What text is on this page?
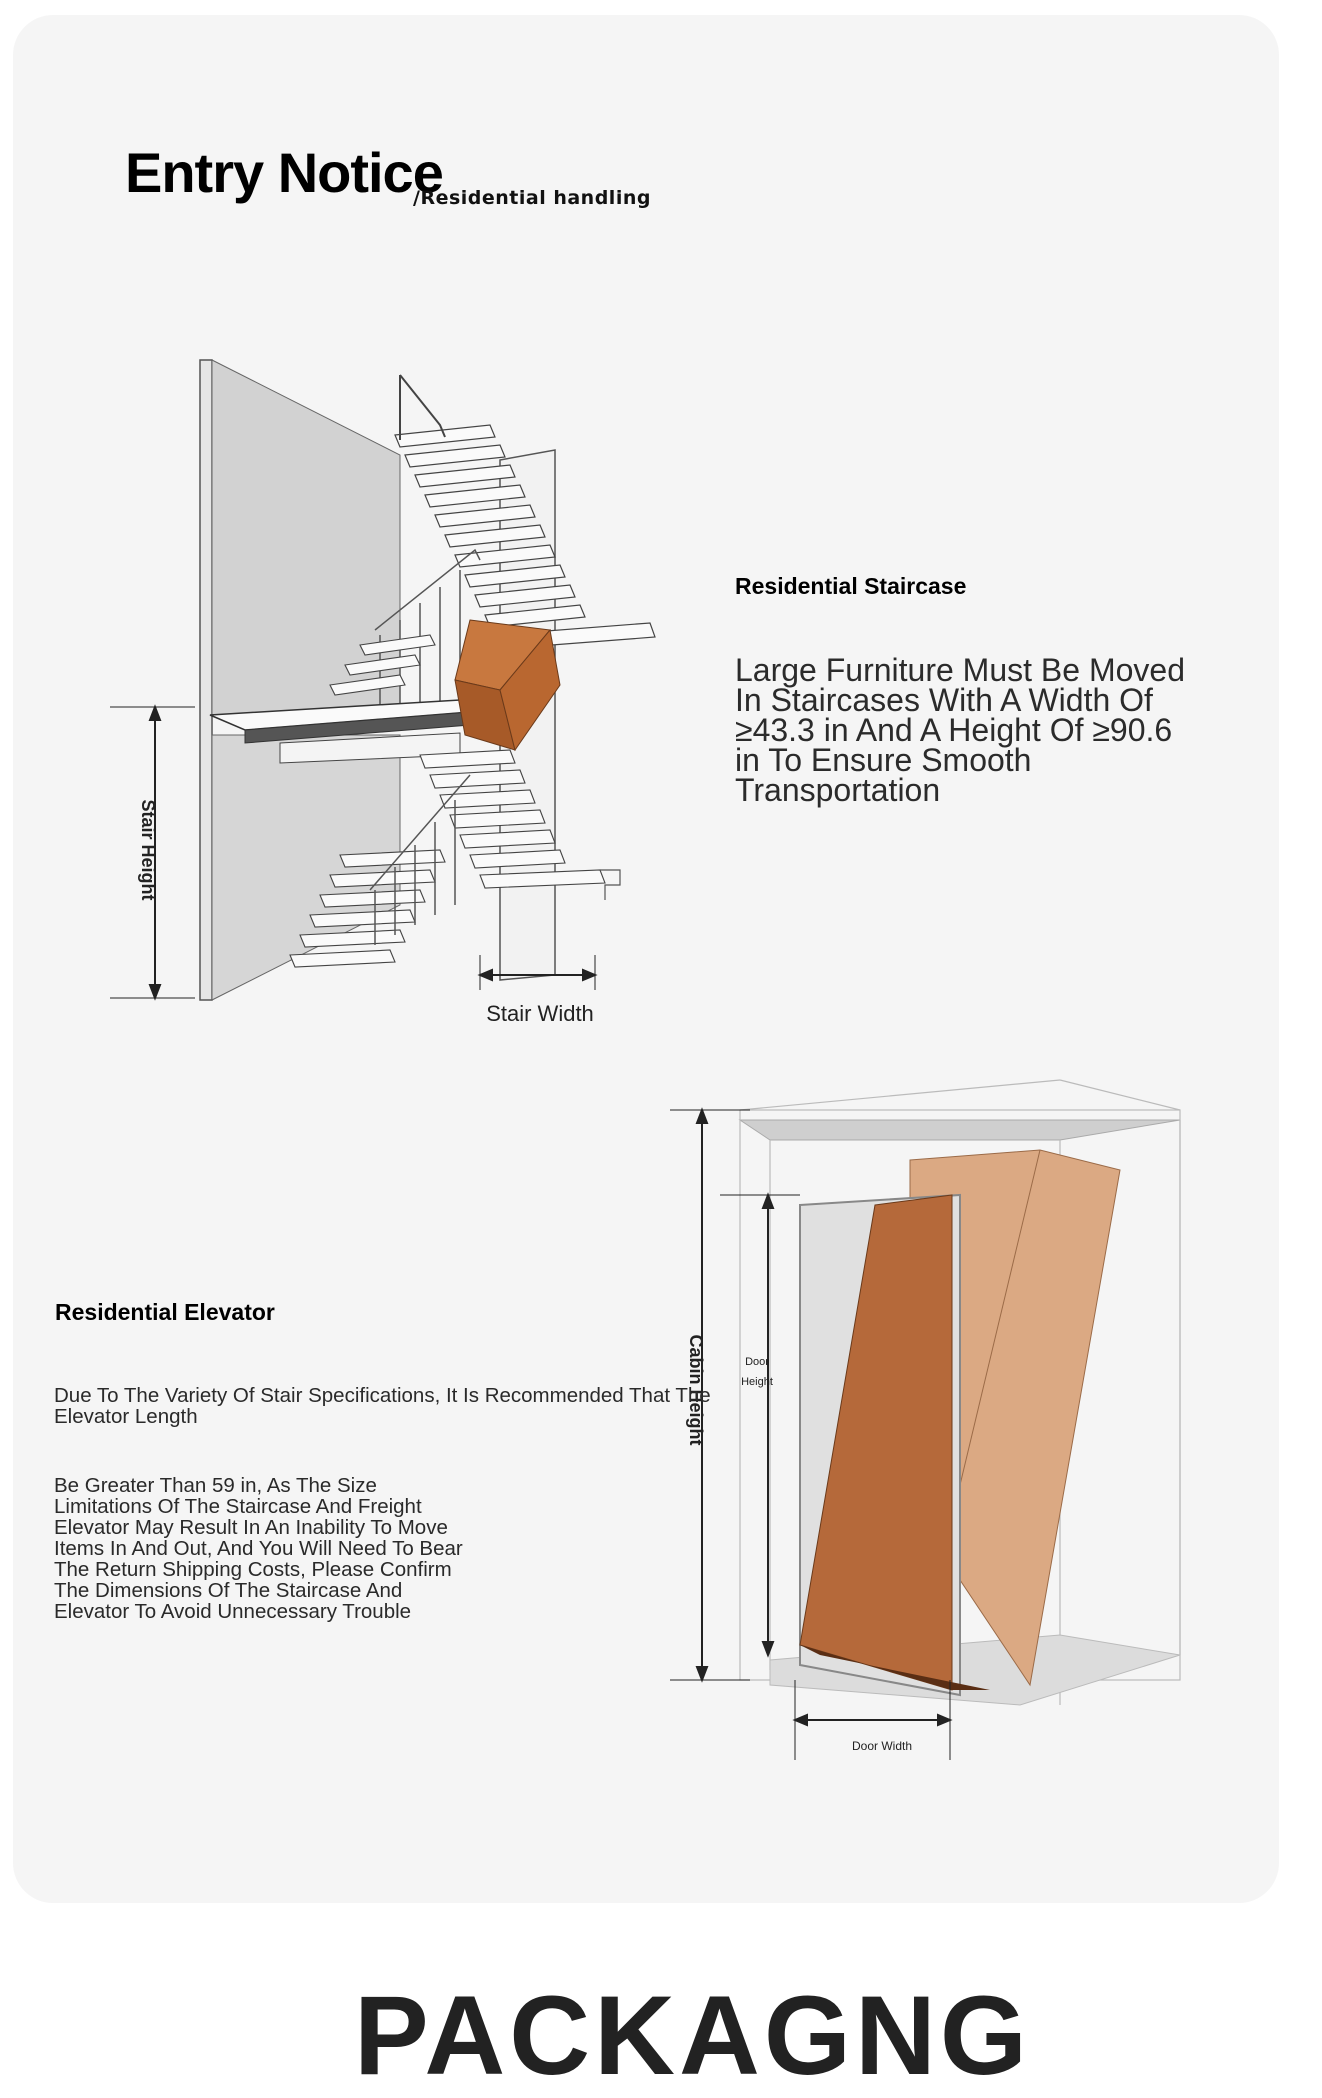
Entry Notice
/Residential handling
Stair Height
Stair Width
Residential Staircase
Large Furniture Must Be Moved In Staircases With A Width Of ≥43.3 in And A Height Of ≥90.6 in To Ensure Smooth Transportation
Cabin Height	Door
Height
Door Width
Residential Elevator
Due To The Variety Of Stair Specifications, It Is Recommended That The Elevator Length
Be Greater Than 59 in, As The Size Limitations Of The Staircase And Freight Elevator May Result In An Inability To Move Items In And Out, And You Will Need To Bear The Return Shipping Costs, Please Confirm The Dimensions Of The Staircase And Elevator To Avoid Unnecessary Trouble
PACKAGNG
